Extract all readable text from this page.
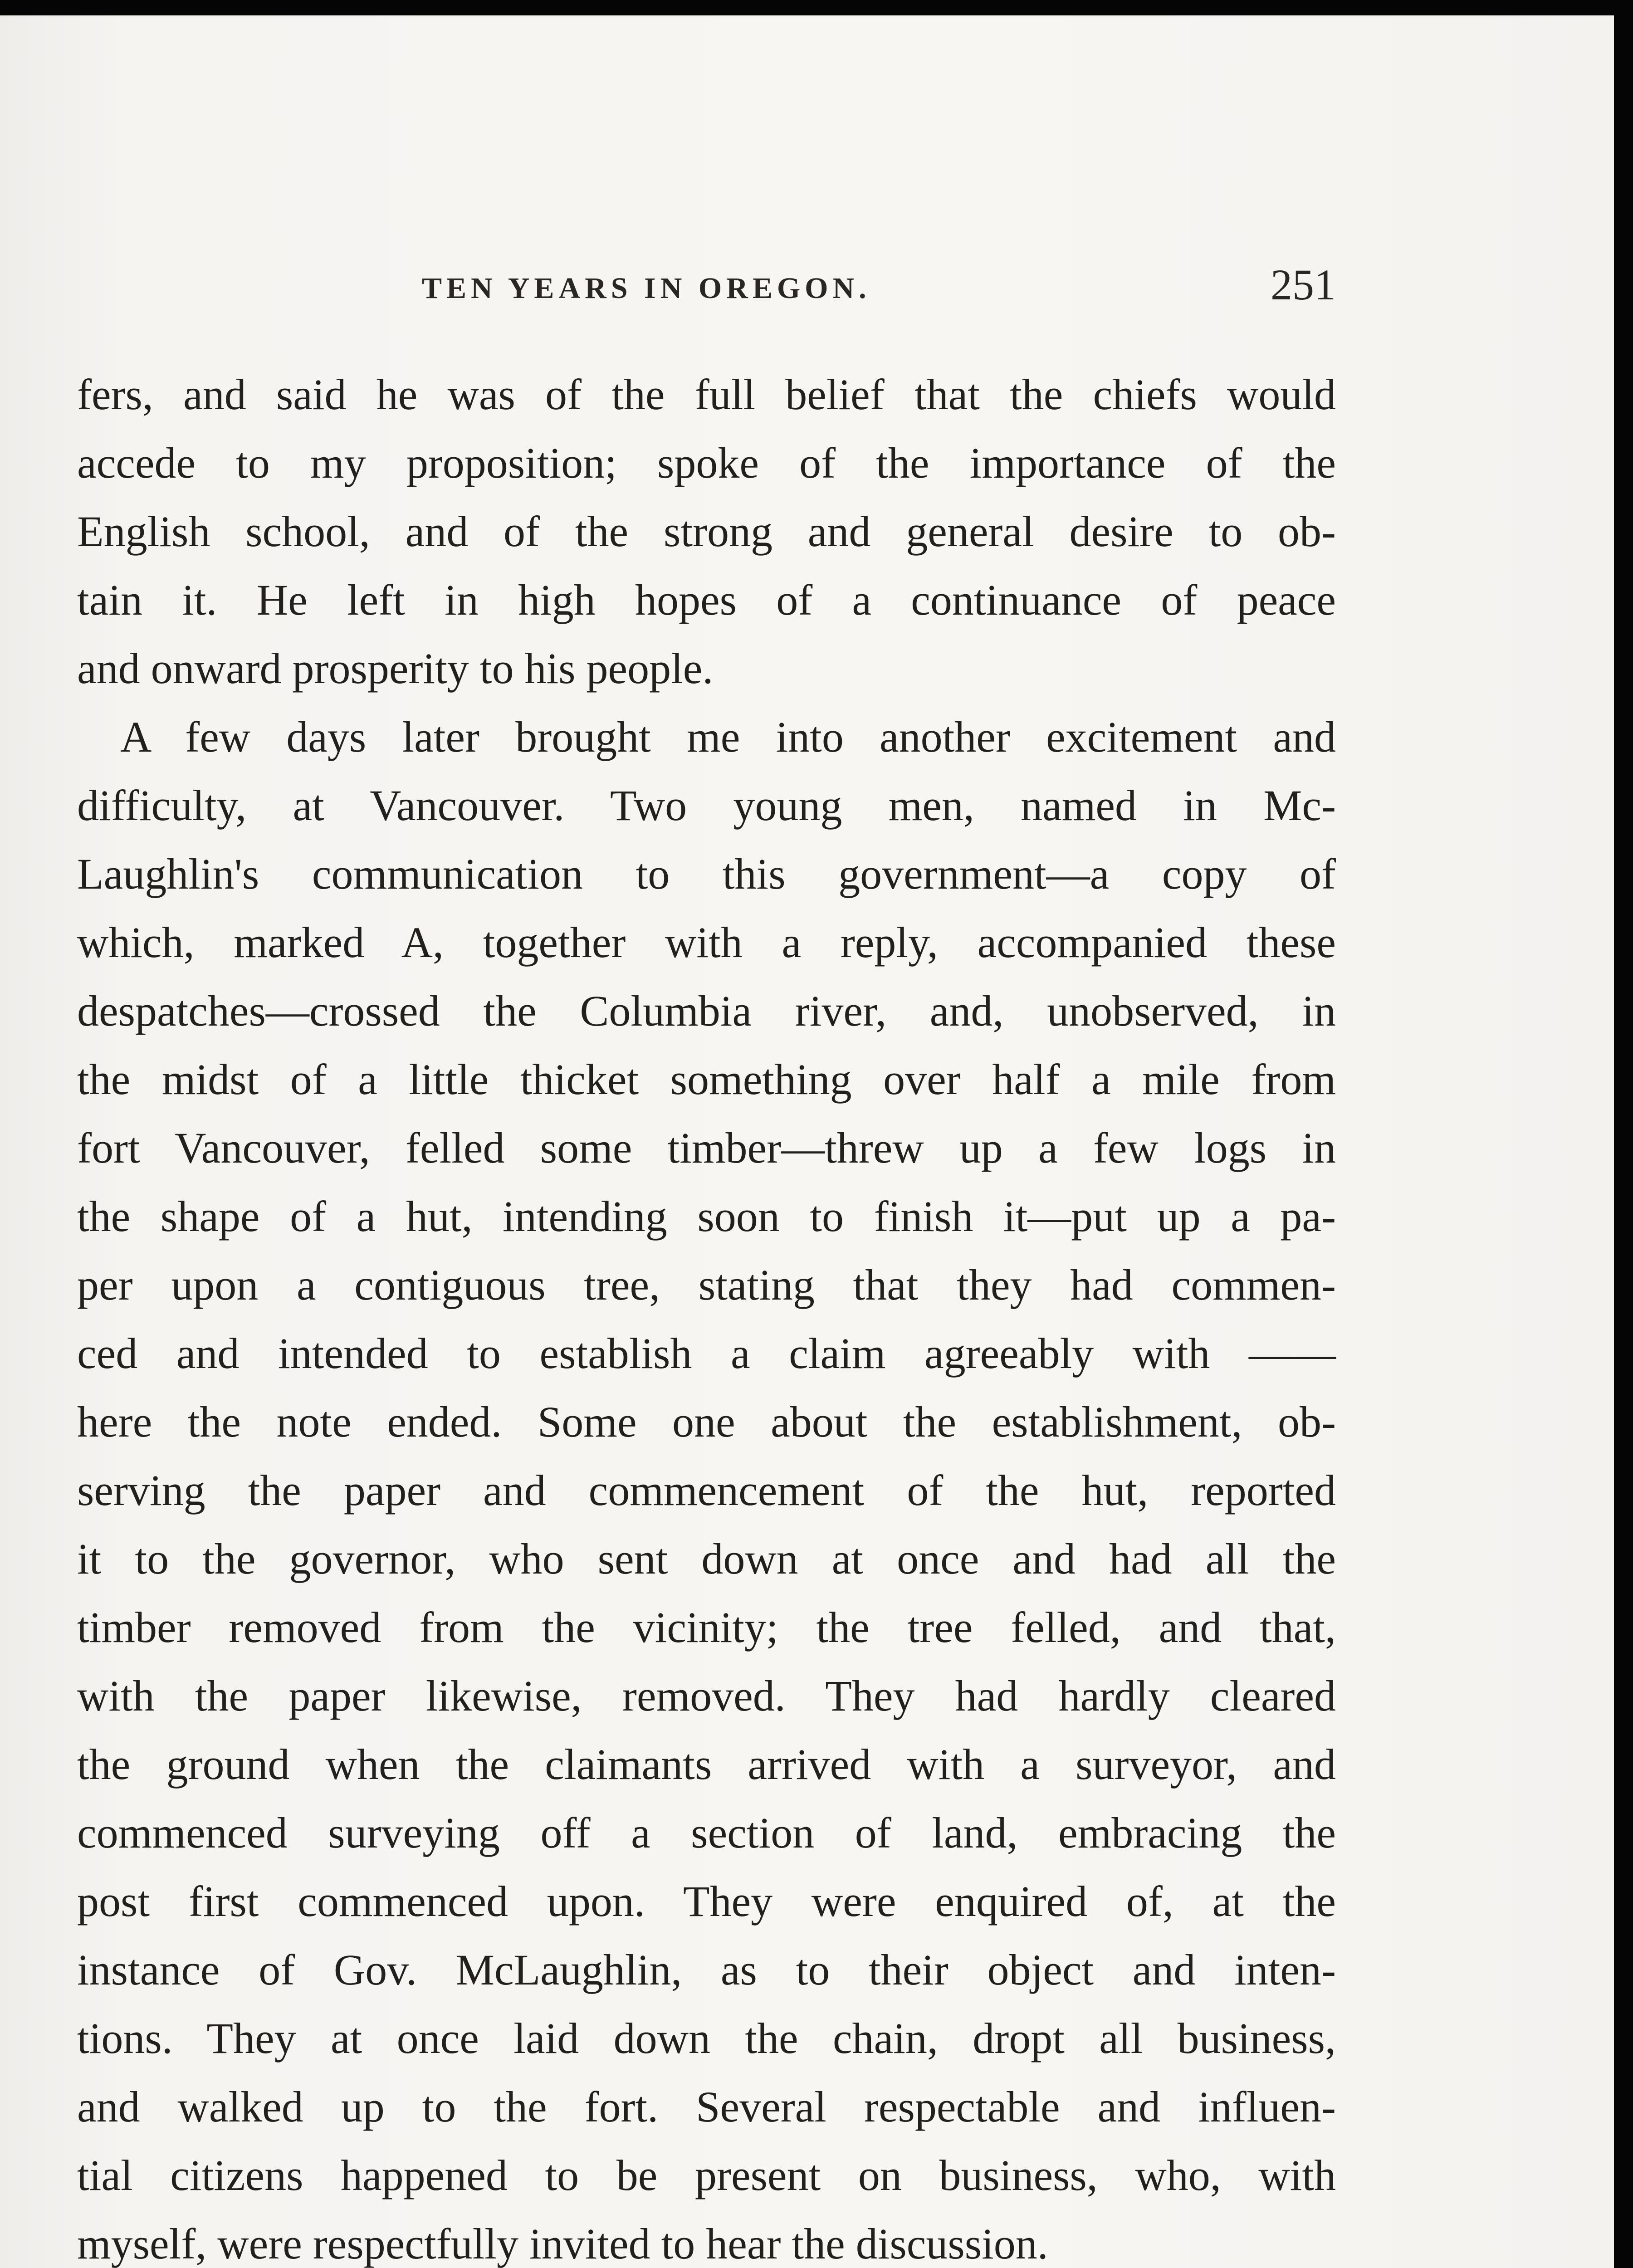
TEN YEARS IN OREGON.	251
fers, and said he was of the full belief that the chiefs would
accede to my proposition; spoke of the importance of the
English school, and of the strong and general desire to ob-
tain it. He left in high hopes of a continuance of peace
and onward prosperity to his people.
A few days later brought me into another excitement and
difficulty, at Vancouver. Two young men, named in Mc-
Laughlin's communication to this government—a copy of
which, marked A, together with a reply, accompanied these
despatches—crossed the Columbia river, and, unobserved, in
the midst of a little thicket something over half a mile from
fort Vancouver, felled some timber—threw up a few logs in
the shape of a hut, intending soon to finish it—put up a pa-
per upon a contiguous tree, stating that they had commen-
ced and intended to establish a claim agreeably with ——
here the note ended. Some one about the establishment, ob-
serving the paper and commencement of the hut, reported
it to the governor, who sent down at once and had all the
timber removed from the vicinity; the tree felled, and that,
with the paper likewise, removed. They had hardly cleared
the ground when the claimants arrived with a surveyor, and
commenced surveying off a section of land, embracing the
post first commenced upon. They were enquired of, at the
instance of Gov. McLaughlin, as to their object and inten-
tions. They at once laid down the chain, dropt all business,
and walked up to the fort. Several respectable and influen-
tial citizens happened to be present on business, who, with
myself, were respectfully invited to hear the discussion.
